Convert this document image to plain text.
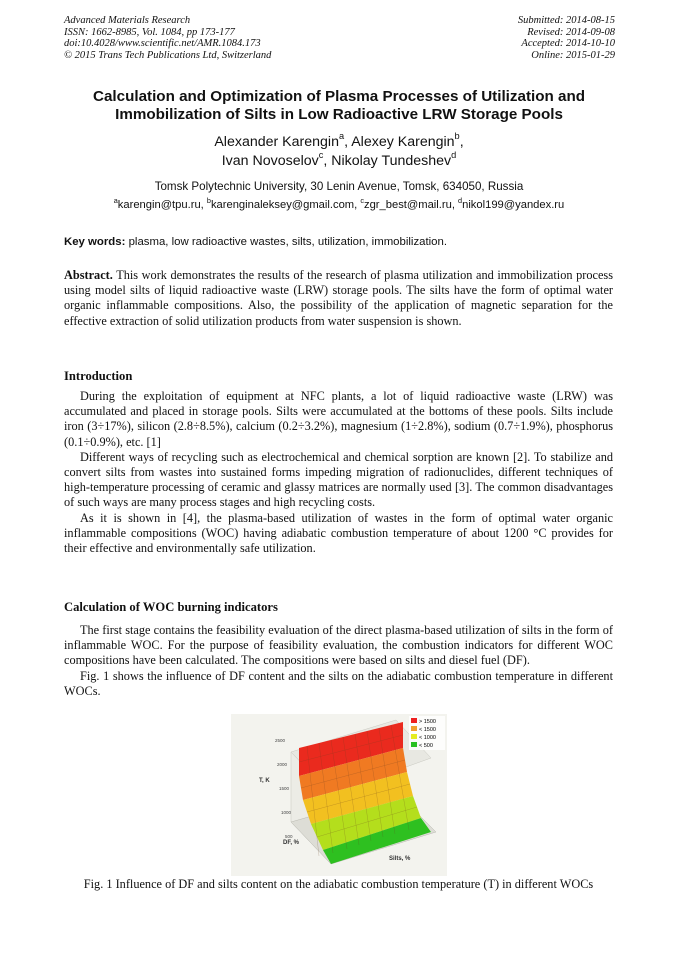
Advanced Materials Research
ISSN: 1662-8985, Vol. 1084, pp 173-177
doi:10.4028/www.scientific.net/AMR.1084.173
© 2015 Trans Tech Publications Ltd, Switzerland
Submitted: 2014-08-15
Revised: 2014-09-08
Accepted: 2014-10-10
Online: 2015-01-29
Calculation and Optimization of Plasma Processes of Utilization and
Immobilization of Silts in Low Radioactive LRW Storage Pools
Alexander Karengin$^a$, Alexey Karengin$^b$,
Ivan Novoselov$^c$, Nikolay Tundeshev$^d$
Tomsk Polytechnic University, 30 Lenin Avenue, Tomsk, 634050, Russia
$^a$karengin@tpu.ru, $^b$karenginaleksey@gmail.com, $^c$zgr_best@mail.ru, $^d$nikol199@yandex.ru
Key words: plasma, low radioactive wastes, silts, utilization, immobilization.

Abstract. This work demonstrates the results of the research of plasma utilization and immobilization process using model silts of liquid radioactive waste (LRW) storage pools. The silts have the form of optimal water organic inflammable compositions. Also, the possibility of the application of magnetic separation for the effective extraction of solid utilization products from water suspension is shown.

Introduction

During the exploitation of equipment at NFC plants, a lot of liquid radioactive waste (LRW) was accumulated and placed in storage pools. Silts were accumulated at the bottoms of these pools. Silts include iron (3÷17%), silicon (2.8÷8.5%), calcium (0.2÷3.2%), magnesium (1÷2.8%), sodium (0.7÷1.9%), phosphorus (0.1÷0.9%), etc. [1]

Different ways of recycling such as electrochemical and chemical sorption are known [2]. To stabilize and convert silts from wastes into sustained forms impeding migration of radionuclides, different techniques of high-temperature processing of ceramic and glassy matrices are normally used [3]. The common disadvantages of such ways are many process stages and high recycling costs.

As it is shown in [4], the plasma-based utilization of wastes in the form of optimal water organic inflammable compositions (WOC) having adiabatic combustion temperature of about 1200 °C provides for their effective and environmentally safe utilization.

Calculation of WOC burning indicators

The first stage contains the feasibility evaluation of the direct plasma-based utilization of silts in the form of inflammable WOC. For the purpose of feasibility evaluation, the combustion indicators for different WOC compositions have been calculated. The compositions were based on silts and diesel fuel (DF).

Fig. 1 shows the influence of DF content and the silts on the adiabatic combustion temperature in different WOCs.

> 1500
< 1500
< 1000
< 500
2500
2000
1500
1000
500
T, K
DF, %
Silts, %
Fig. 1 Influence of DF and silts content on the adiabatic combustion temperature (T) in different WOCs
